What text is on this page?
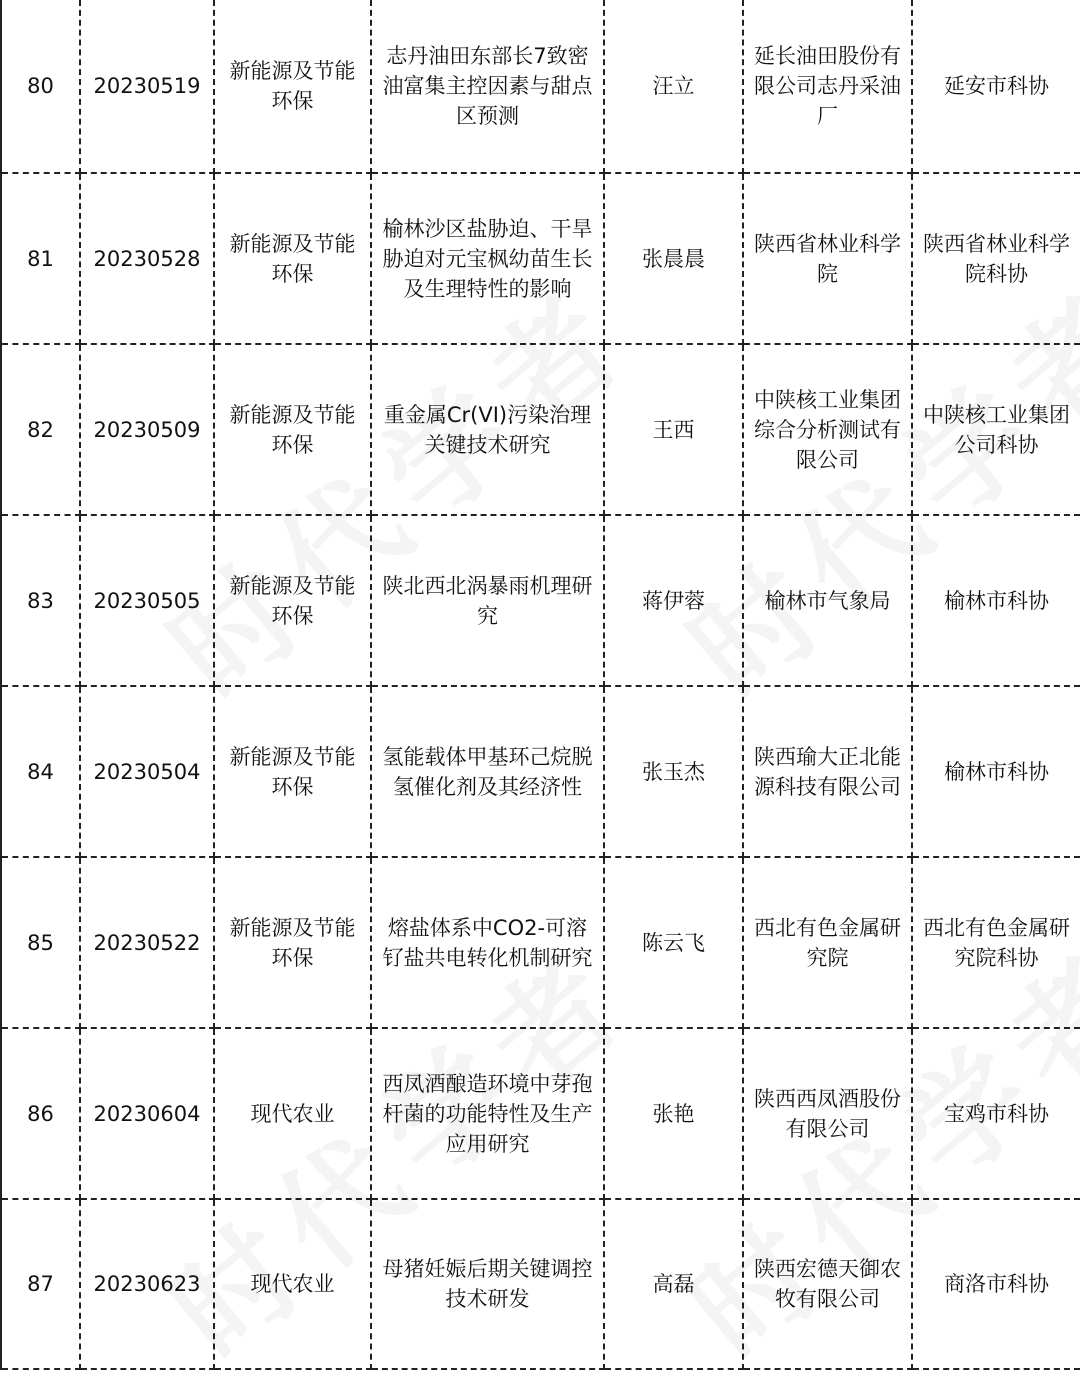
80	20230519	新能源及节能环保	志丹油田东部长7致密油富集主控因素与甜点区预测	汪立	延长油田股份有限公司志丹采油厂	延安市科协
81	20230528	新能源及节能环保	榆林沙区盐胁迫、干旱胁迫对元宝枫幼苗生长及生理特性的影响	张晨晨	陕西省林业科学院	陕西省林业科学院科协
82	20230509	新能源及节能环保	重金属Cr(VI)污染治理关键技术研究	王西	中陕核工业集团综合分析测试有限公司	中陕核工业集团公司科协
83	20230505	新能源及节能环保	陕北西北涡暴雨机理研究	蒋伊蓉	榆林市气象局	榆林市科协
84	20230504	新能源及节能环保	氢能载体甲基环己烷脱氢催化剂及其经济性	张玉杰	陕西瑜大正北能源科技有限公司	榆林市科协
85	20230522	新能源及节能环保	熔盐体系中CO2-可溶钌盐共电转化机制研究	陈云飞	西北有色金属研究院	西北有色金属研究院科协
86	20230604	现代农业	西凤酒酿造环境中芽孢杆菌的功能特性及生产应用研究	张艳	陕西西凤酒股份有限公司	宝鸡市科协
87	20230623	现代农业	母猪妊娠后期关键调控技术研发	高磊	陕西宏德天御农牧有限公司	商洛市科协
